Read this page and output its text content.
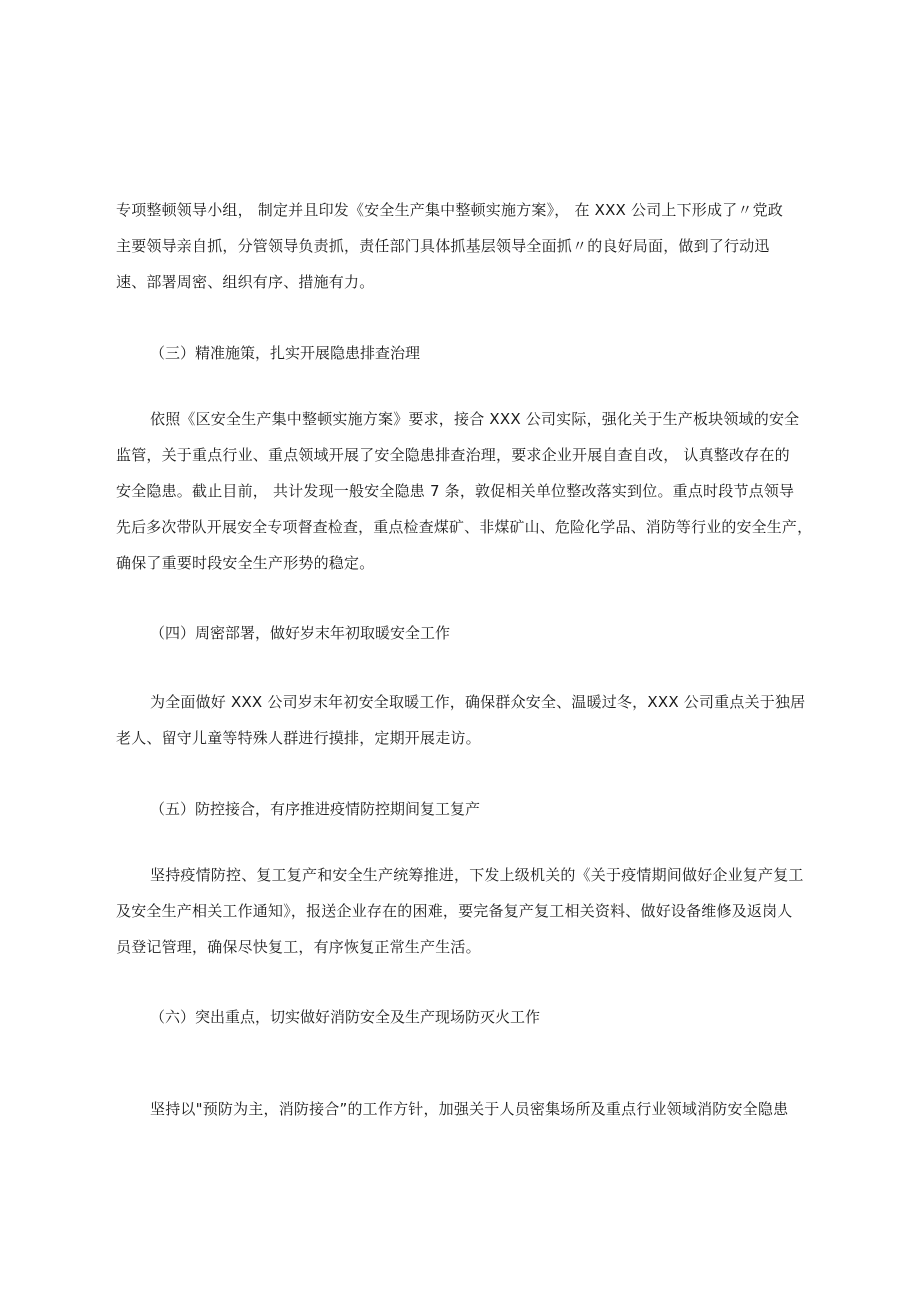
专项整顿领导小组， 制定并且印发《安全生产集中整顿实施方案》， 在 XXX 公司上下形成了〃党政
主要领导亲自抓，分管领导负责抓，责任部门具体抓基层领导全面抓〃的良好局面，做到了行动迅
速、部署周密、组织有序、措施有力。
（三）精准施策，扎实开展隐患排查治理
依照《区安全生产集中整顿实施方案》要求，接合 XXX 公司实际，强化关于生产板块领域的安全
监管，关于重点行业、重点领域开展了安全隐患排查治理，要求企业开展自查自改， 认真整改存在的
安全隐患。截止目前， 共计发现一般安全隐患 7 条，敦促相关单位整改落实到位。重点时段节点领导
先后多次带队开展安全专项督查检查，重点检查煤矿、非煤矿山、危险化学品、消防等行业的安全生产，
确保了重要时段安全生产形势的稳定。
（四）周密部署，做好岁末年初取暖安全工作
为全面做好 XXX 公司岁末年初安全取暖工作，确保群众安全、温暖过冬，XXX 公司重点关于独居
老人、留守儿童等特殊人群进行摸排，定期开展走访。
（五）防控接合，有序推进疫情防控期间复工复产
坚持疫情防控、复工复产和安全生产统筹推进，下发上级机关的《关于疫情期间做好企业复产复工
及安全生产相关工作通知》，报送企业存在的困难，要完备复产复工相关资料、做好设备维修及返岗人
员登记管理，确保尽快复工，有序恢复正常生产生活。
（六）突出重点，切实做好消防安全及生产现场防灭火工作
坚持以"预防为主，消防接合”的工作方针，加强关于人员密集场所及重点行业领域消防安全隐患
